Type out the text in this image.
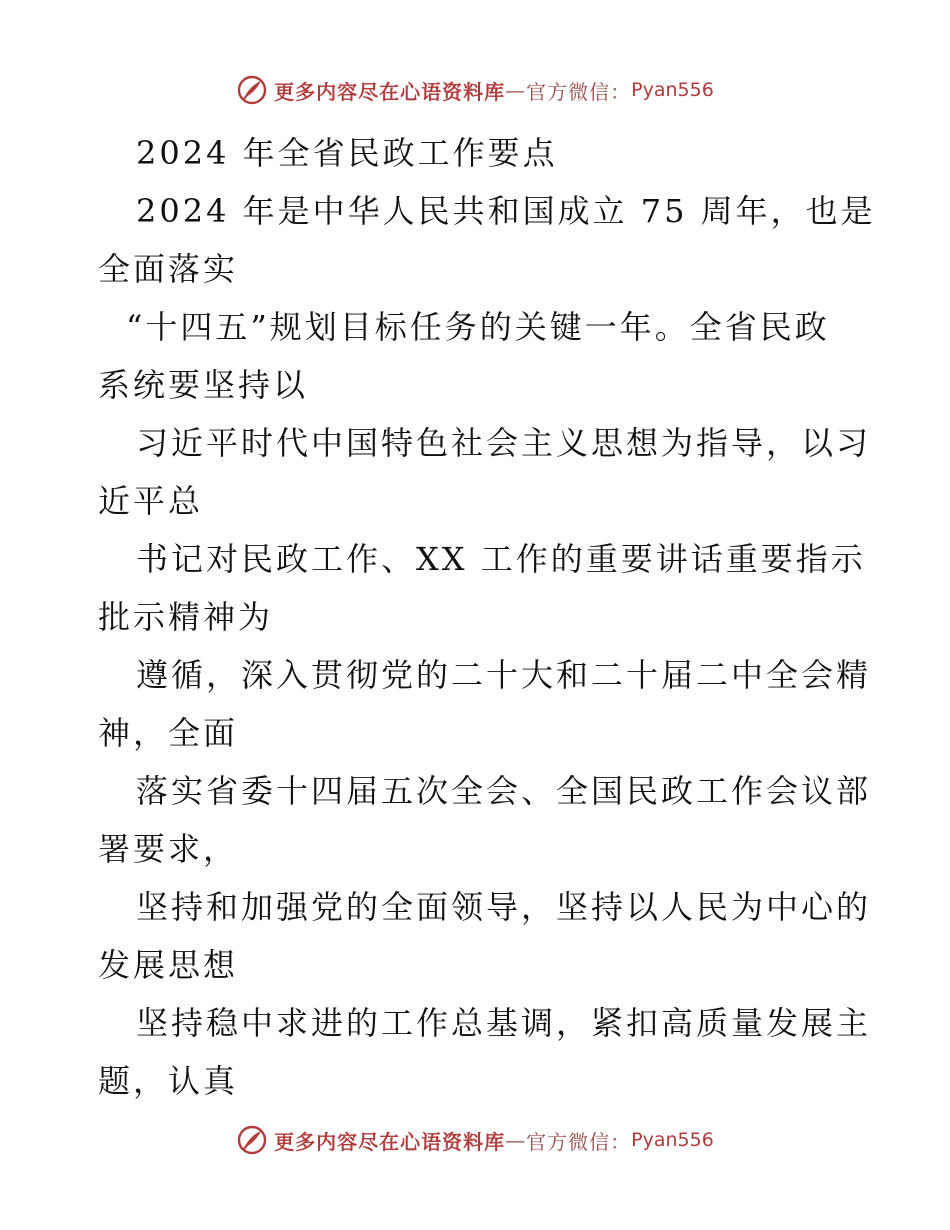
更多内容尽在心语资料库 — 官方微信： Pyan556
2024 年全省民政工作要点
2024 年是中华人民共和国成立 75 周年，也是
全面落实
“十四五”规划目标任务的关键一年。全省民政
系统要坚持以
习近平时代中国特色社会主义思想为指导，以习
近平总
书记对民政工作、XX 工作的重要讲话重要指示
批示精神为
遵循，深入贯彻党的二十大和二十届二中全会精
神，全面
落实省委十四届五次全会、全国民政工作会议部
署要求，
坚持和加强党的全面领导，坚持以人民为中心的
发展思想
坚持稳中求进的工作总基调，紧扣高质量发展主
题，认真
更多内容尽在心语资料库 — 官方微信： Pyan556
